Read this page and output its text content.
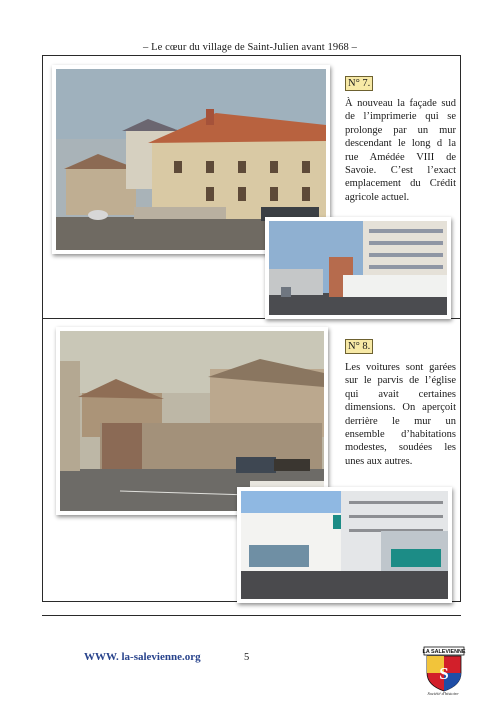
– Le cœur du village de Saint-Julien avant 1968 –
N° 7.
À nouveau la façade sud de l’imprimerie qui se prolonge par un mur descendant le long d la rue Amédée VIII de Savoie. C’est l’exact emplacement du Crédit agricole actuel.
N° 8.
Les voitures sont garées sur le parvis de l’église qui avait certaines dimensions. On aperçoit derrière le mur un ensemble d’habitations modestes, soudées les unes aux autres.
WWW. la-salevienne.org	5	LA SALEVIENNE
S
Société d'histoire
